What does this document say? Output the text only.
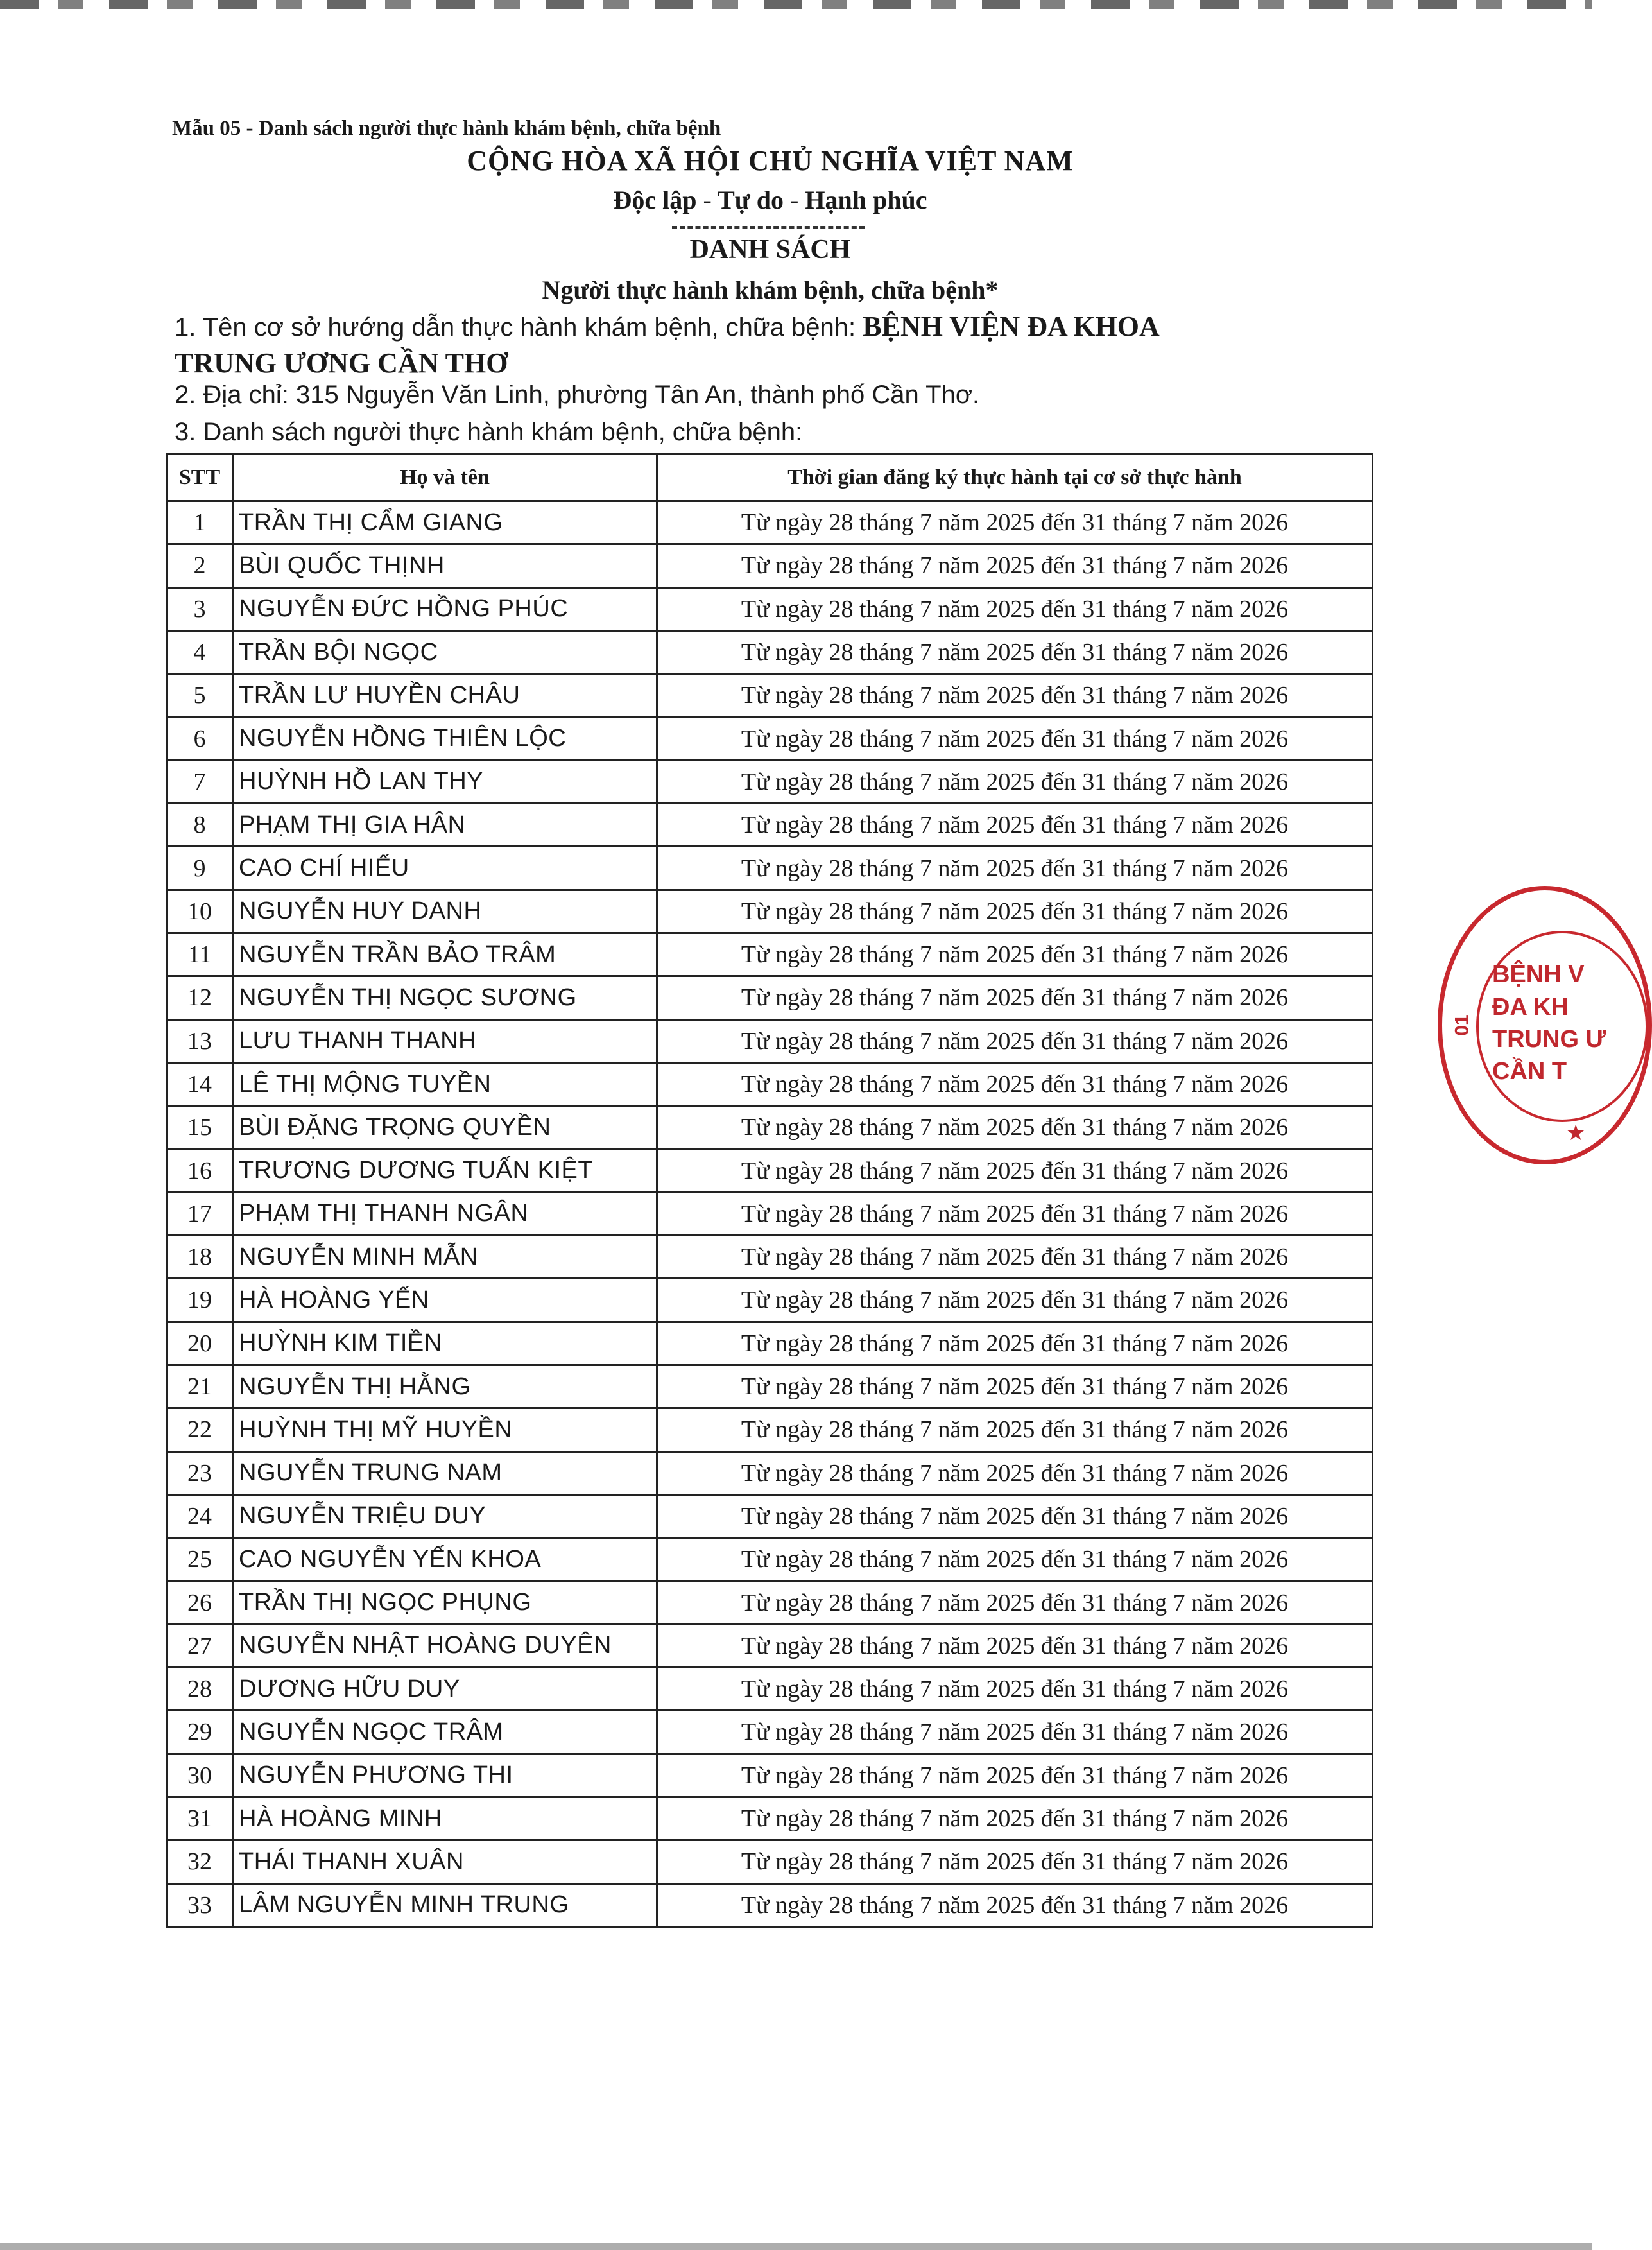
Mẫu 05 - Danh sách người thực hành khám bệnh, chữa bệnh
CỘNG HÒA XÃ HỘI CHỦ NGHĨA VIỆT NAM
Độc lập - Tự do - Hạnh phúc
DANH SÁCH
Người thực hành khám bệnh, chữa bệnh*
1. Tên cơ sở hướng dẫn thực hành khám bệnh, chữa bệnh: BỆNH VIỆN ĐA KHOA
TRUNG ƯƠNG CẦN THƠ
2. Địa chỉ: 315 Nguyễn Văn Linh, phường Tân An, thành phố Cần Thơ.
3. Danh sách người thực hành khám bệnh, chữa bệnh:
STT	Họ và tên	Thời gian đăng ký thực hành tại cơ sở thực hành
1	TRẦN THỊ CẨM GIANG	Từ ngày 28 tháng 7 năm 2025 đến 31 tháng 7 năm 2026
2	BÙI QUỐC THỊNH	Từ ngày 28 tháng 7 năm 2025 đến 31 tháng 7 năm 2026
3	NGUYỄN ĐỨC HỒNG PHÚC	Từ ngày 28 tháng 7 năm 2025 đến 31 tháng 7 năm 2026
4	TRẦN BỘI NGỌC	Từ ngày 28 tháng 7 năm 2025 đến 31 tháng 7 năm 2026
5	TRẦN LƯ HUYỀN CHÂU	Từ ngày 28 tháng 7 năm 2025 đến 31 tháng 7 năm 2026
6	NGUYỄN HỒNG THIÊN LỘC	Từ ngày 28 tháng 7 năm 2025 đến 31 tháng 7 năm 2026
7	HUỲNH HỒ LAN THY	Từ ngày 28 tháng 7 năm 2025 đến 31 tháng 7 năm 2026
8	PHẠM THỊ GIA HÂN	Từ ngày 28 tháng 7 năm 2025 đến 31 tháng 7 năm 2026
9	CAO CHÍ HIẾU	Từ ngày 28 tháng 7 năm 2025 đến 31 tháng 7 năm 2026
10	NGUYỄN HUY DANH	Từ ngày 28 tháng 7 năm 2025 đến 31 tháng 7 năm 2026
11	NGUYỄN TRẦN BẢO TRÂM	Từ ngày 28 tháng 7 năm 2025 đến 31 tháng 7 năm 2026
12	NGUYỄN THỊ NGỌC SƯƠNG	Từ ngày 28 tháng 7 năm 2025 đến 31 tháng 7 năm 2026
13	LƯU THANH THANH	Từ ngày 28 tháng 7 năm 2025 đến 31 tháng 7 năm 2026
14	LÊ THỊ MỘNG TUYỀN	Từ ngày 28 tháng 7 năm 2025 đến 31 tháng 7 năm 2026
15	BÙI ĐẶNG TRỌNG QUYỀN	Từ ngày 28 tháng 7 năm 2025 đến 31 tháng 7 năm 2026
16	TRƯƠNG DƯƠNG TUẤN KIỆT	Từ ngày 28 tháng 7 năm 2025 đến 31 tháng 7 năm 2026
17	PHẠM THỊ THANH NGÂN	Từ ngày 28 tháng 7 năm 2025 đến 31 tháng 7 năm 2026
18	NGUYỄN MINH MẪN	Từ ngày 28 tháng 7 năm 2025 đến 31 tháng 7 năm 2026
19	HÀ HOÀNG YẾN	Từ ngày 28 tháng 7 năm 2025 đến 31 tháng 7 năm 2026
20	HUỲNH KIM TIỀN	Từ ngày 28 tháng 7 năm 2025 đến 31 tháng 7 năm 2026
21	NGUYỄN THỊ HẰNG	Từ ngày 28 tháng 7 năm 2025 đến 31 tháng 7 năm 2026
22	HUỲNH THỊ MỸ HUYỀN	Từ ngày 28 tháng 7 năm 2025 đến 31 tháng 7 năm 2026
23	NGUYỄN TRUNG NAM	Từ ngày 28 tháng 7 năm 2025 đến 31 tháng 7 năm 2026
24	NGUYỄN TRIỆU DUY	Từ ngày 28 tháng 7 năm 2025 đến 31 tháng 7 năm 2026
25	CAO NGUYỄN YẾN KHOA	Từ ngày 28 tháng 7 năm 2025 đến 31 tháng 7 năm 2026
26	TRẦN THỊ NGỌC PHỤNG	Từ ngày 28 tháng 7 năm 2025 đến 31 tháng 7 năm 2026
27	NGUYỄN NHẬT HOÀNG DUYÊN	Từ ngày 28 tháng 7 năm 2025 đến 31 tháng 7 năm 2026
28	DƯƠNG HỮU DUY	Từ ngày 28 tháng 7 năm 2025 đến 31 tháng 7 năm 2026
29	NGUYỄN NGỌC TRÂM	Từ ngày 28 tháng 7 năm 2025 đến 31 tháng 7 năm 2026
30	NGUYỄN PHƯƠNG THI	Từ ngày 28 tháng 7 năm 2025 đến 31 tháng 7 năm 2026
31	HÀ HOÀNG MINH	Từ ngày 28 tháng 7 năm 2025 đến 31 tháng 7 năm 2026
32	THÁI THANH XUÂN	Từ ngày 28 tháng 7 năm 2025 đến 31 tháng 7 năm 2026
33	LÂM NGUYỄN MINH TRUNG	Từ ngày 28 tháng 7 năm 2025 đến 31 tháng 7 năm 2026
BỆNH V
ĐA KH
TRUNG Ư
CẦN T
01
★
